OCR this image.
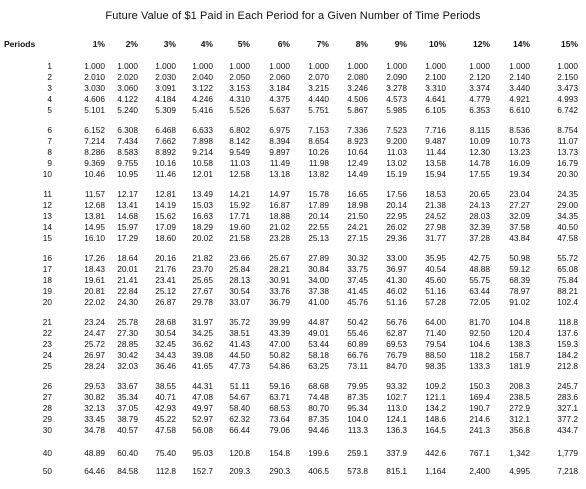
Future Value of $1 Paid in Each Period for a Given Number of Time Periods
Periods	1%	2%	3%	4%	5%	6%	7%	8%	9%	10%	12%	14%	15%
1	1.000	1.000	1.000	1.000	1.000	1.000	1.000	1.000	1.000	1.000	1.000	1.000	1.000
2	2.010	2.020	2.030	2.040	2.050	2.060	2.070	2.080	2.090	2.100	2.120	2.140	2.150
3	3.030	3.060	3.091	3.122	3.153	3.184	3.215	3.246	3.278	3.310	3.374	3.440	3.473
4	4.606	4.122	4.184	4.246	4.310	4.375	4.440	4.506	4.573	4.641	4.779	4.921	4.993
5	5.101	5.240	5.309	5.416	5.526	5.637	5.751	5.867	5.985	6.105	6.353	6.610	6.742
6	6.152	6.308	6.468	6.633	6.802	6.975	7.153	7.336	7.523	7.716	8.115	8.536	8.754
7	7.214	7.434	7.662	7.898	8.142	8.394	8.654	8.923	9.200	9.487	10.09	10.73	11.07
8	8.286	8.583	8.892	9.214	9.549	9.897	10.26	10.64	11.03	11.44	12.30	13.23	13.73
9	9.369	9.755	10.16	10.58	11.03	11.49	11.98	12.49	13.02	13.58	14.78	16.09	16.79
10	10.46	10.95	11.46	12.01	12.58	13.18	13.82	14.49	15.19	15.94	17.55	19.34	20.30
11	11.57	12.17	12.81	13.49	14.21	14.97	15.78	16.65	17.56	18.53	20.65	23.04	24.35
12	12.68	13.41	14.19	15.03	15.92	16.87	17.89	18.98	20.14	21.38	24.13	27.27	29.00
13	13.81	14.68	15.62	16.63	17.71	18.88	20.14	21.50	22.95	24.52	28.03	32.09	34.35
14	14.95	15.97	17.09	18.29	19.60	21.02	22.55	24.21	26.02	27.98	32.39	37.58	40.50
15	16.10	17.29	18.60	20.02	21.58	23.28	25.13	27.15	29.36	31.77	37.28	43.84	47.58
16	17.26	18.64	20.16	21.82	23.66	25.67	27.89	30.32	33.00	35.95	42.75	50.98	55.72
17	18.43	20.01	21.76	23.70	25.84	28.21	30.84	33.75	36.97	40.54	48.88	59.12	65.08
18	19.61	21.41	23.41	25.65	28.13	30.91	34.00	37.45	41.30	45.60	55.75	68.39	75.84
19	20.81	22.84	25.12	27.67	30.54	33.76	37.38	41.45	46.02	51.16	63.44	78.97	88.21
20	22.02	24.30	26.87	29.78	33.07	36.79	41.00	45.76	51.16	57.28	72.05	91.02	102.4
21	23.24	25.78	28.68	31.97	35.72	39.99	44.87	50.42	56.76	64.00	81.70	104.8	118.8
22	24.47	27.30	30.54	34.25	38.51	43.39	49.01	55.46	62.87	71.40	92.50	120.4	137.6
23	25.72	28.85	32.45	36.62	41.43	47.00	53.44	60.89	69.53	79.54	104.6	138.3	159.3
24	26.97	30.42	34.43	39.08	44.50	50.82	58.18	66.76	76.79	88.50	118.2	158.7	184.2
25	28.24	32.03	36.46	41.65	47.73	54.86	63.25	73.11	84.70	98.35	133.3	181.9	212.8
26	29.53	33.67	38.55	44.31	51.11	59.16	68.68	79.95	93.32	109.2	150.3	208.3	245.7
27	30.82	35.34	40.71	47.08	54.67	63.71	74.48	87.35	102.7	121.1	169.4	238.5	283.6
28	32.13	37.05	42.93	49.97	58.40	68.53	80.70	95.34	113.0	134.2	190.7	272.9	327.1
29	33.45	38.79	45.22	52.97	62.32	73.64	87.35	104.0	124.1	148.6	214.6	312.1	377.2
30	34.78	40.57	47.58	56.08	66.44	79.06	94.46	113.3	136.3	164.5	241.3	356.8	434.7
40	48.89	60.40	75.40	95.03	120.8	154.8	199.6	259.1	337.9	442.6	767.1	1,342	1,779
50	64.46	84.58	112.8	152.7	209.3	290.3	406.5	573.8	815.1	1,164	2,400	4,995	7,218
